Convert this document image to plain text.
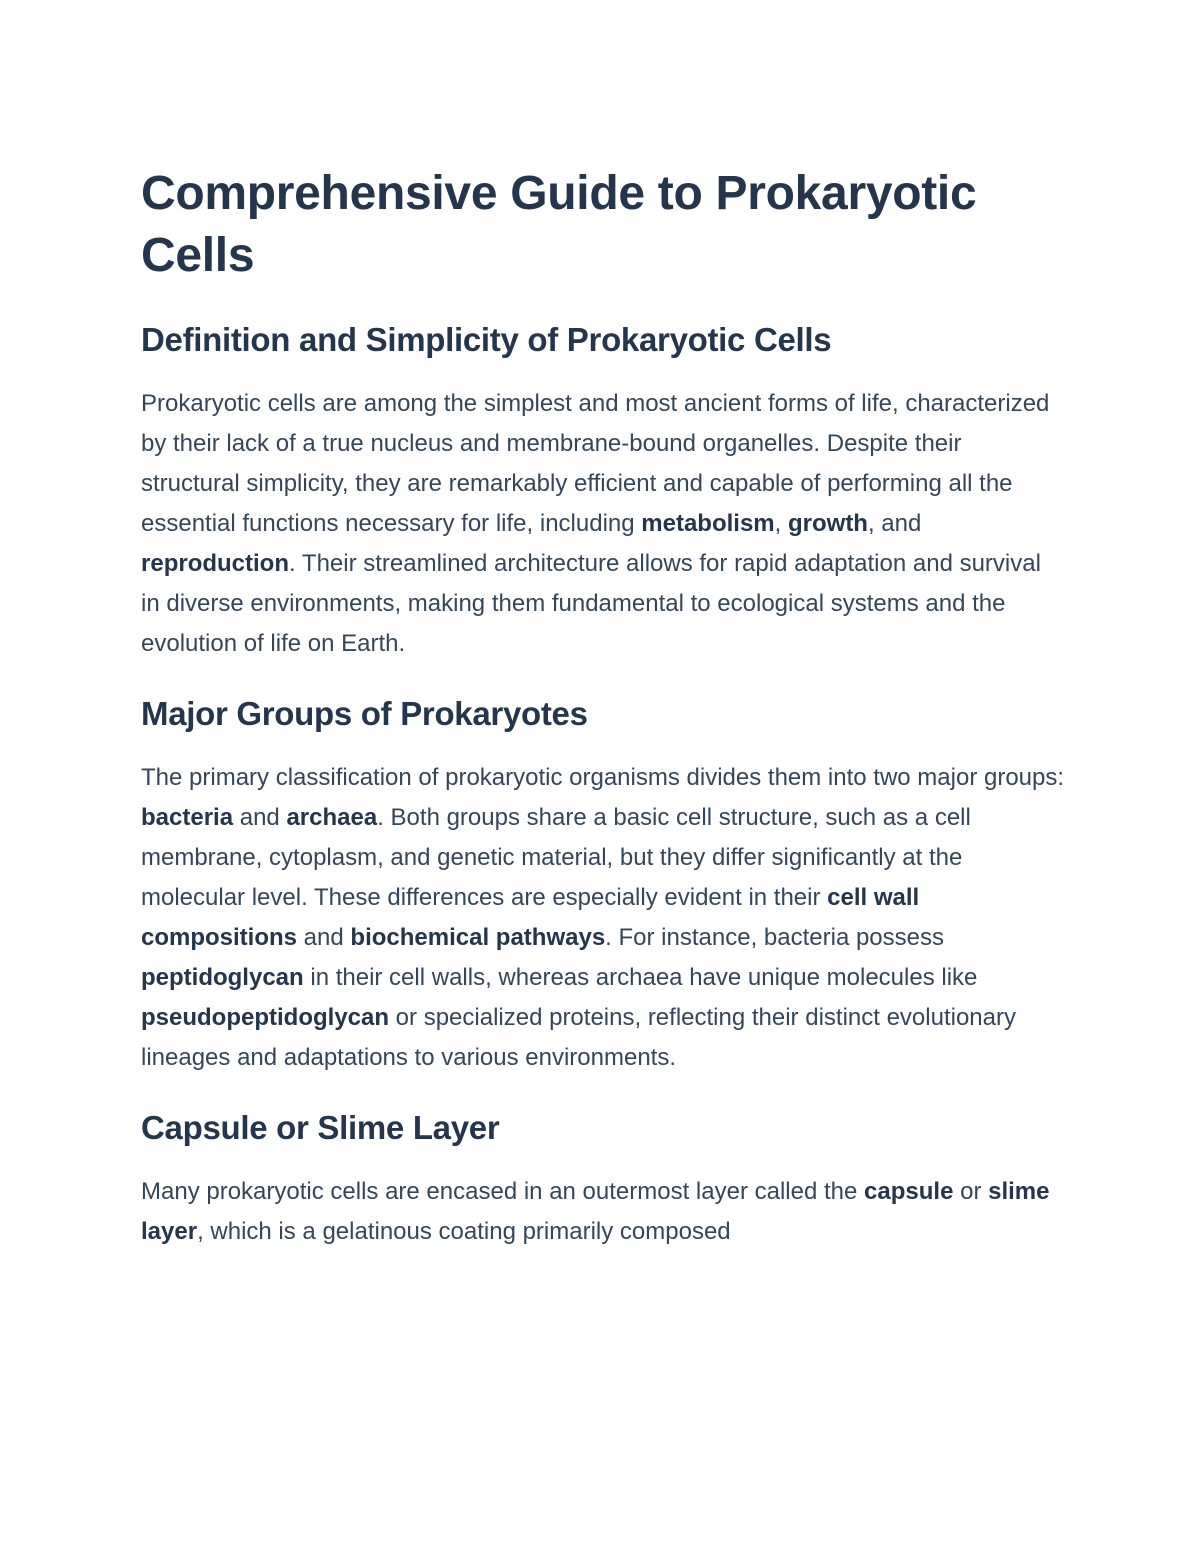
Comprehensive Guide to Prokaryotic Cells
Definition and Simplicity of Prokaryotic Cells

Prokaryotic cells are among the simplest and most ancient forms of life, characterized by their lack of a true nucleus and membrane-bound organelles. Despite their structural simplicity, they are remarkably efficient and capable of performing all the essential functions necessary for life, including metabolism, growth, and reproduction. Their streamlined architecture allows for rapid adaptation and survival in diverse environments, making them fundamental to ecological systems and the evolution of life on Earth.

Major Groups of Prokaryotes

The primary classification of prokaryotic organisms divides them into two major groups: bacteria and archaea. Both groups share a basic cell structure, such as a cell membrane, cytoplasm, and genetic material, but they differ significantly at the molecular level. These differences are especially evident in their cell wall compositions and biochemical pathways. For instance, bacteria possess peptidoglycan in their cell walls, whereas archaea have unique molecules like pseudopeptidoglycan or specialized proteins, reflecting their distinct evolutionary lineages and adaptations to various environments.

Capsule or Slime Layer

Many prokaryotic cells are encased in an outermost layer called the capsule or slime layer, which is a gelatinous coating primarily composed
